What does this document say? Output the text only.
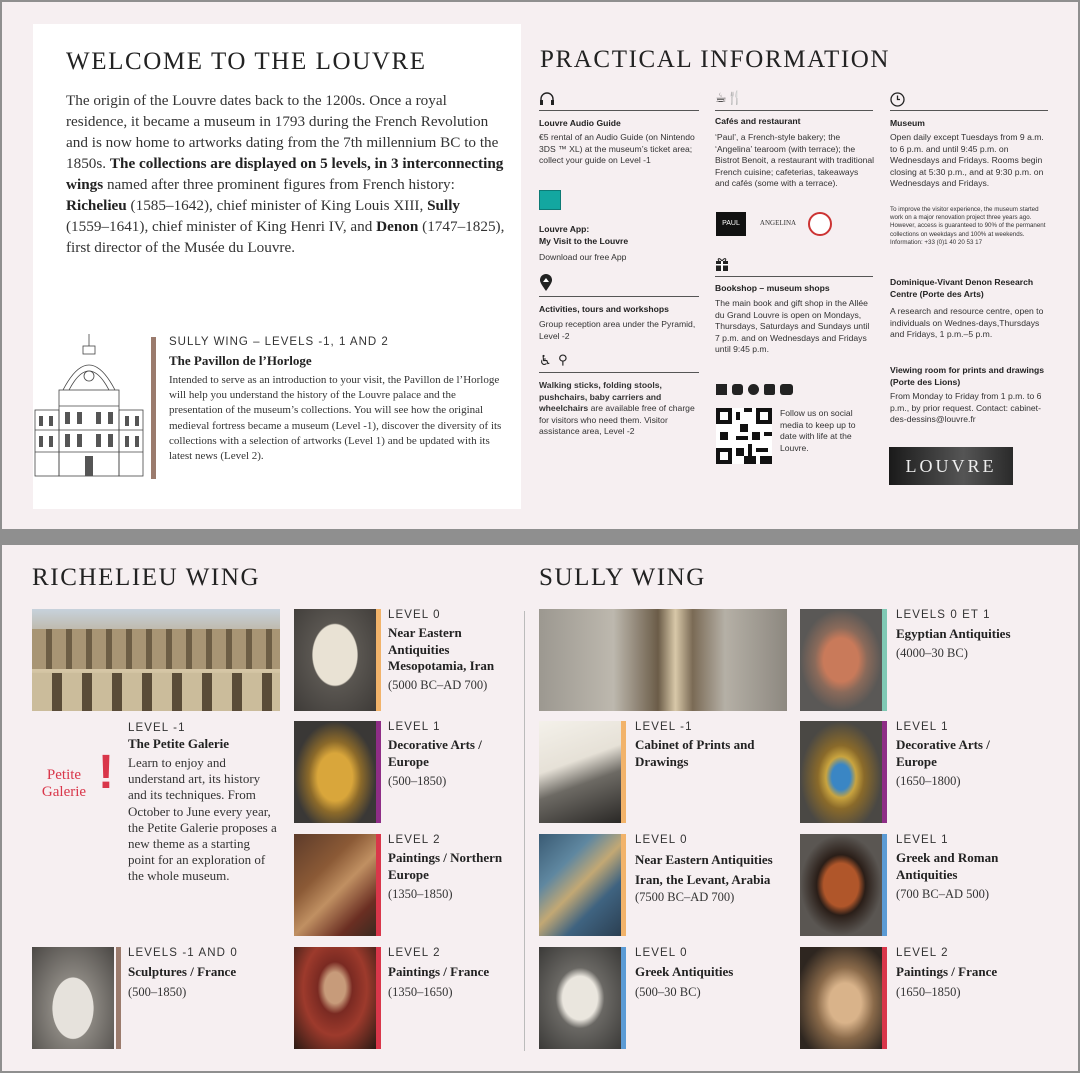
WELCOME TO THE LOUVRE
The origin of the Louvre dates back to the 1200s. Once a royal residence, it became a museum in 1793 during the French Revolution and is now home to artworks dating from the 7th millennium BC to the 1850s. The collections are displayed on 5 levels, in 3 interconnecting wings named after three prominent figures from French history: Richelieu (1585–1642), chief minister of King Louis XIII, Sully (1559–1641), chief minister of King Henri IV, and Denon (1747–1825), first director of the Musée du Louvre.
SULLY WING – LEVELS -1, 1 AND 2
The Pavillon de l’Horloge
Intended to serve as an introduction to your visit, the Pavillon de l’Horloge will help you understand the history of the Louvre palace and the presentation of the museum’s collections. You will see how the original medieval fortress became a museum (Level -1), discover the diversity of its collections with a selection of artworks (Level 1) and be updated with its latest news (Level 2).
PRACTICAL INFORMATION
Louvre Audio Guide
€5 rental of an Audio Guide (on Nintendo 3DS ™ XL) at the museum’s ticket area; collect your guide on Level -1
Louvre App:
My Visit to the Louvre
Download our free App
Activities, tours and workshops
Group reception area under the Pyramid, Level -2
♿ ⚲
Walking sticks, folding stools, pushchairs, baby carriers and wheelchairs are available free of charge for visitors who need them. Visitor assistance area, Level -2
☕🍴
Cafés and restaurant
‘Paul’, a French-style bakery; the ‘Angelina’ tearoom (with terrace); the Bistrot Benoit, a restaurant with traditional French cuisine; cafeterias, takeaways and cafés (some with a terrace).
PAUL	ANGELINA
Bookshop – museum shops
The main book and gift shop in the Allée du Grand Louvre is open on Mondays, Thursdays, Saturdays and Sundays until 7 p.m. and on Wednesdays and Fridays until 9:45 p.m.
Follow us on social media to keep up to date with life at the Louvre.
Museum
Open daily except Tuesdays from 9 a.m. to 6 p.m. and until 9:45 p.m. on Wednesdays and Fridays. Rooms begin closing at 5:30 p.m., and at 9:30 p.m. on Wednesdays and Fridays.
To improve the visitor experience, the museum started work on a major renovation project three years ago. However, access is guaranteed to 90% of the permanent collections on weekdays and 100% at weekends. Information: +33 (0)1 40 20 53 17
Dominique-Vivant Denon Research Centre (Porte des Arts)
A research and resource centre, open to individuals on Wednes-days,Thursdays and Fridays, 1 p.m.–5 p.m.
Viewing room for prints and drawings (Porte des Lions)
From Monday to Friday from 1 p.m. to 6 p.m., by prior request. Contact: cabinet-des-dessins@louvre.fr
LOUVRE
RICHELIEU WING	SULLY WING
Petite
Galerie !
LEVEL -1
The Petite Galerie
Learn to enjoy and understand art, its history and its techniques. From October to June every year, the Petite Galerie proposes a new theme as a starting point for an exploration of the whole museum.
LEVELS -1 AND 0
Sculptures / France
(500–1850)
LEVEL 0
Near Eastern Antiquities Mesopotamia, Iran
(5000 BC–AD 700)
LEVEL 1
Decorative Arts / Europe
(500–1850)
LEVEL 2
Paintings / Northern Europe
(1350–1850)
LEVEL 2
Paintings / France
(1350–1650)
LEVEL -1
Cabinet of Prints and Drawings
LEVEL 0
Near Eastern Antiquities Iran, the Levant, Arabia
(7500 BC–AD 700)
LEVEL 0
Greek Antiquities
(500–30 BC)
LEVELS 0 ET 1
Egyptian Antiquities
(4000–30 BC)
LEVEL 1
Decorative Arts / Europe
(1650–1800)
LEVEL 1
Greek and Roman Antiquities
(700 BC–AD 500)
LEVEL 2
Paintings / France
(1650–1850)
